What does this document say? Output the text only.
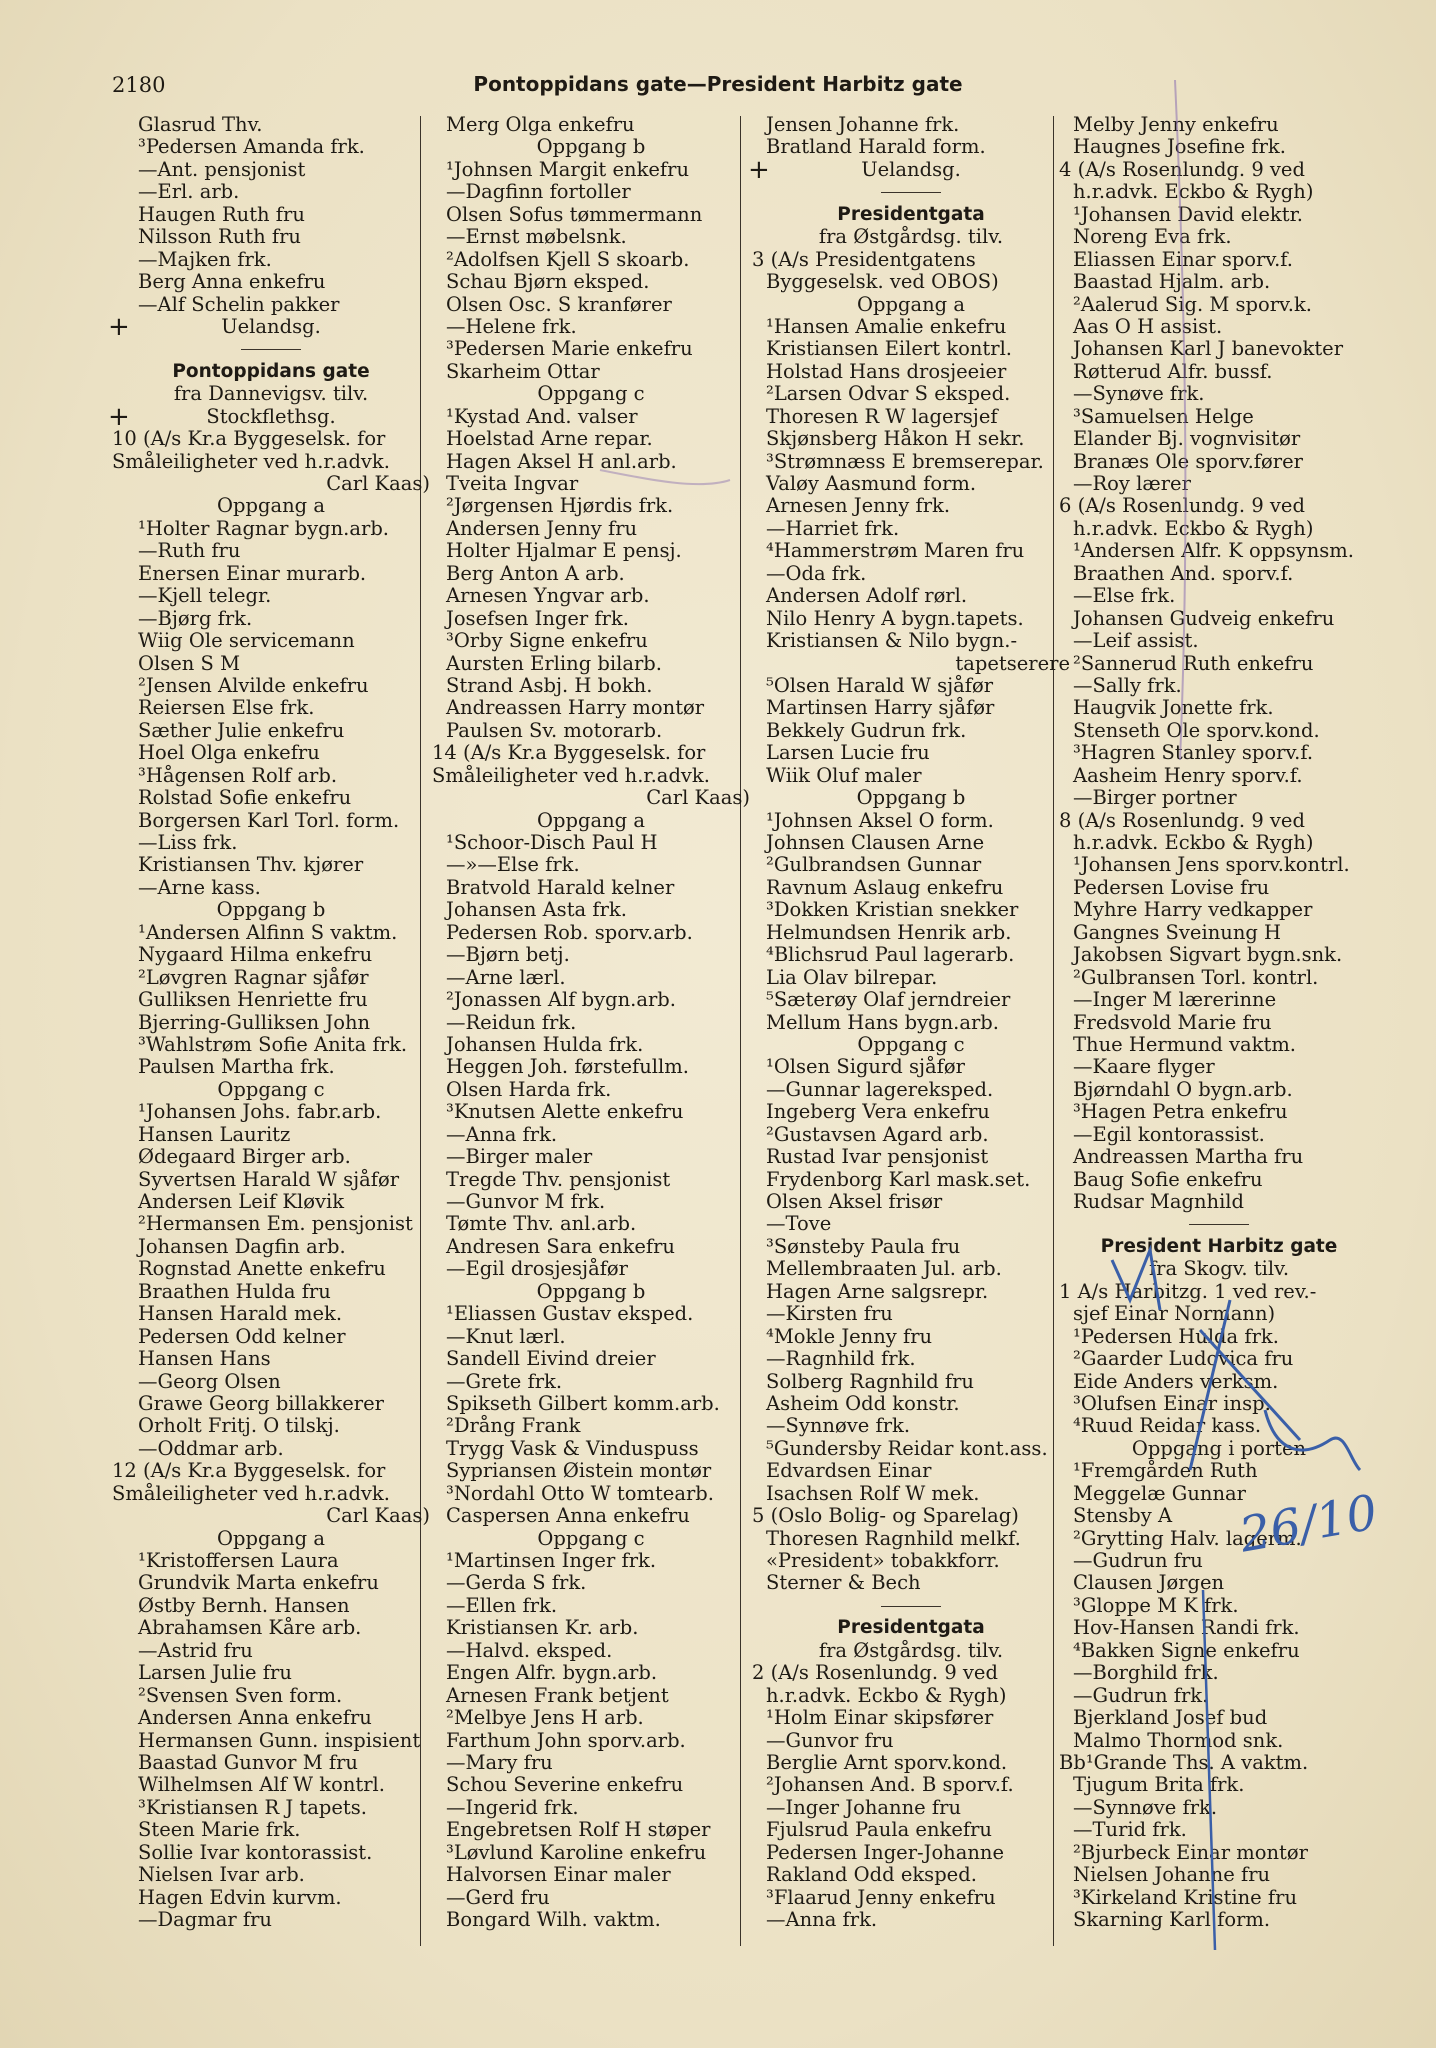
2180	Pontoppidans gate—President Harbitz gate
Glasrud Thv.
³Pedersen Amanda frk.
—Ant. pensjonist
—Erl. arb.
Haugen Ruth fru
Nilsson Ruth fru
—Majken frk.
Berg Anna enkefru
—Alf Schelin pakker
+	Uelandsg.
Pontoppidans gate
fra Dannevigsv. tilv.
+	Stockflethsg.
10 (A/s Kr.a Byggeselsk. for
Småleiligheter ved h.r.advk.
Carl Kaas)
Oppgang a
¹Holter Ragnar bygn.arb.
—Ruth fru
Enersen Einar murarb.
—Kjell telegr.
—Bjørg frk.
Wiig Ole servicemann
Olsen S M
²Jensen Alvilde enkefru
Reiersen Else frk.
Sæther Julie enkefru
Hoel Olga enkefru
³Hågensen Rolf arb.
Rolstad Sofie enkefru
Borgersen Karl Torl. form.
—Liss frk.
Kristiansen Thv. kjører
—Arne kass.
Oppgang b
¹Andersen Alfinn S vaktm.
Nygaard Hilma enkefru
²Løvgren Ragnar sjåfør
Gulliksen Henriette fru
Bjerring-Gulliksen John
³Wahlstrøm Sofie Anita frk.
Paulsen Martha frk.
Oppgang c
¹Johansen Johs. fabr.arb.
Hansen Lauritz
Ødegaard Birger arb.
Syvertsen Harald W sjåfør
Andersen Leif Kløvik
²Hermansen Em. pensjonist
Johansen Dagfin arb.
Rognstad Anette enkefru
Braathen Hulda fru
Hansen Harald mek.
Pedersen Odd kelner
Hansen Hans
—Georg Olsen
Grawe Georg billakkerer
Orholt Fritj. O tilskj.
—Oddmar arb.
12 (A/s Kr.a Byggeselsk. for
Småleiligheter ved h.r.advk.
Carl Kaas)
Oppgang a
¹Kristoffersen Laura
Grundvik Marta enkefru
Østby Bernh. Hansen
Abrahamsen Kåre arb.
—Astrid fru
Larsen Julie fru
²Svensen Sven form.
Andersen Anna enkefru
Hermansen Gunn. inspisient
Baastad Gunvor M fru
Wilhelmsen Alf W kontrl.
³Kristiansen R J tapets.
Steen Marie frk.
Sollie Ivar kontorassist.
Nielsen Ivar arb.
Hagen Edvin kurvm.
—Dagmar fru
Merg Olga enkefru
Oppgang b
¹Johnsen Margit enkefru
—Dagfinn fortoller
Olsen Sofus tømmermann
—Ernst møbelsnk.
²Adolfsen Kjell S skoarb.
Schau Bjørn eksped.
Olsen Osc. S kranfører
—Helene frk.
³Pedersen Marie enkefru
Skarheim Ottar
Oppgang c
¹Kystad And. valser
Hoelstad Arne repar.
Hagen Aksel H anl.arb.
Tveita Ingvar
²Jørgensen Hjørdis frk.
Andersen Jenny fru
Holter Hjalmar E pensj.
Berg Anton A arb.
Arnesen Yngvar arb.
Josefsen Inger frk.
³Orby Signe enkefru
Aursten Erling bilarb.
Strand Asbj. H bokh.
Andreassen Harry montør
Paulsen Sv. motorarb.
14 (A/s Kr.a Byggeselsk. for
Småleiligheter ved h.r.advk.
Carl Kaas)
Oppgang a
¹Schoor-Disch Paul H
—»—Else frk.
Bratvold Harald kelner
Johansen Asta frk.
Pedersen Rob. sporv.arb.
—Bjørn betj.
—Arne lærl.
²Jonassen Alf bygn.arb.
—Reidun frk.
Johansen Hulda frk.
Heggen Joh. førstefullm.
Olsen Harda frk.
³Knutsen Alette enkefru
—Anna frk.
—Birger maler
Tregde Thv. pensjonist
—Gunvor M frk.
Tømte Thv. anl.arb.
Andresen Sara enkefru
—Egil drosjesjåfør
Oppgang b
¹Eliassen Gustav eksped.
—Knut lærl.
Sandell Eivind dreier
—Grete frk.
Spikseth Gilbert komm.arb.
²Drång Frank
Trygg Vask & Vinduspuss
Sypriansen Øistein montør
³Nordahl Otto W tomtearb.
Caspersen Anna enkefru
Oppgang c
¹Martinsen Inger frk.
—Gerda S frk.
—Ellen frk.
Kristiansen Kr. arb.
—Halvd. eksped.
Engen Alfr. bygn.arb.
Arnesen Frank betjent
²Melbye Jens H arb.
Farthum John sporv.arb.
—Mary fru
Schou Severine enkefru
—Ingerid frk.
Engebretsen Rolf H støper
³Løvlund Karoline enkefru
Halvorsen Einar maler
—Gerd fru
Bongard Wilh. vaktm.
Jensen Johanne frk.
Bratland Harald form.
+	Uelandsg.
Presidentgata
fra Østgårdsg. tilv.
3 (A/s Presidentgatens
Byggeselsk. ved OBOS)
Oppgang a
¹Hansen Amalie enkefru
Kristiansen Eilert kontrl.
Holstad Hans drosjeeier
²Larsen Odvar S eksped.
Thoresen R W lagersjef
Skjønsberg Håkon H sekr.
³Strømnæss E bremserepar.
Valøy Aasmund form.
Arnesen Jenny frk.
—Harriet frk.
⁴Hammerstrøm Maren fru
—Oda frk.
Andersen Adolf rørl.
Nilo Henry A bygn.tapets.
Kristiansen & Nilo bygn.-
tapetserere
⁵Olsen Harald W sjåfør
Martinsen Harry sjåfør
Bekkely Gudrun frk.
Larsen Lucie fru
Wiik Oluf maler
Oppgang b
¹Johnsen Aksel O form.
Johnsen Clausen Arne
²Gulbrandsen Gunnar
Ravnum Aslaug enkefru
³Dokken Kristian snekker
Helmundsen Henrik arb.
⁴Blichsrud Paul lagerarb.
Lia Olav bilrepar.
⁵Sæterøy Olaf jerndreier
Mellum Hans bygn.arb.
Oppgang c
¹Olsen Sigurd sjåfør
—Gunnar lagereksped.
Ingeberg Vera enkefru
²Gustavsen Agard arb.
Rustad Ivar pensjonist
Frydenborg Karl mask.set.
Olsen Aksel frisør
—Tove
³Sønsteby Paula fru
Mellembraaten Jul. arb.
Hagen Arne salgsrepr.
—Kirsten fru
⁴Mokle Jenny fru
—Ragnhild frk.
Solberg Ragnhild fru
Asheim Odd konstr.
—Synnøve frk.
⁵Gundersby Reidar kont.ass.
Edvardsen Einar
Isachsen Rolf W mek.
5 (Oslo Bolig- og Sparelag)
Thoresen Ragnhild melkf.
«President» tobakkforr.
Sterner & Bech
Presidentgata
fra Østgårdsg. tilv.
2 (A/s Rosenlundg. 9 ved
h.r.advk. Eckbo & Rygh)
¹Holm Einar skipsfører
—Gunvor fru
Berglie Arnt sporv.kond.
²Johansen And. B sporv.f.
—Inger Johanne fru
Fjulsrud Paula enkefru
Pedersen Inger-Johanne
Rakland Odd eksped.
³Flaarud Jenny enkefru
—Anna frk.
Melby Jenny enkefru
Haugnes Josefine frk.
4 (A/s Rosenlundg. 9 ved
h.r.advk. Eckbo & Rygh)
¹Johansen David elektr.
Noreng Eva frk.
Eliassen Einar sporv.f.
Baastad Hjalm. arb.
²Aalerud Sig. M sporv.k.
Aas O H assist.
Johansen Karl J banevokter
Røtterud Alfr. bussf.
—Synøve frk.
³Samuelsen Helge
Elander Bj. vognvisitør
Branæs Ole sporv.fører
—Roy lærer
6 (A/s Rosenlundg. 9 ved
h.r.advk. Eckbo & Rygh)
¹Andersen Alfr. K oppsynsm.
Braathen And. sporv.f.
—Else frk.
Johansen Gudveig enkefru
—Leif assist.
²Sannerud Ruth enkefru
—Sally frk.
Haugvik Jonette frk.
Stenseth Ole sporv.kond.
³Hagren Stanley sporv.f.
Aasheim Henry sporv.f.
—Birger portner
8 (A/s Rosenlundg. 9 ved
h.r.advk. Eckbo & Rygh)
¹Johansen Jens sporv.kontrl.
Pedersen Lovise fru
Myhre Harry vedkapper
Gangnes Sveinung H
Jakobsen Sigvart bygn.snk.
²Gulbransen Torl. kontrl.
—Inger M lærerinne
Fredsvold Marie fru
Thue Hermund vaktm.
—Kaare flyger
Bjørndahl O bygn.arb.
³Hagen Petra enkefru
—Egil kontorassist.
Andreassen Martha fru
Baug Sofie enkefru
Rudsar Magnhild
President Harbitz gate
fra Skogv. tilv.
1 A/s Harbitzg. 1 ved rev.-
sjef Einar Normann)
¹Pedersen Hulda frk.
²Gaarder Ludovica fru
Eide Anders verksm.
³Olufsen Einar insp.
⁴Ruud Reidar kass.
Oppgang i porten
¹Fremgården Ruth
Meggelæ Gunnar
Stensby A
²Grytting Halv. lagerm.
—Gudrun fru
Clausen Jørgen
³Gloppe M K frk.
Hov-Hansen Randi frk.
⁴Bakken Signe enkefru
—Borghild frk.
—Gudrun frk.
Bjerkland Josef bud
Malmo Thormod snk.
Bb¹Grande Ths. A vaktm.
Tjugum Brita frk.
—Synnøve frk.
—Turid frk.
²Bjurbeck Einar montør
Nielsen Johanne fru
³Kirkeland Kristine fru
Skarning Karl form.
26/10
